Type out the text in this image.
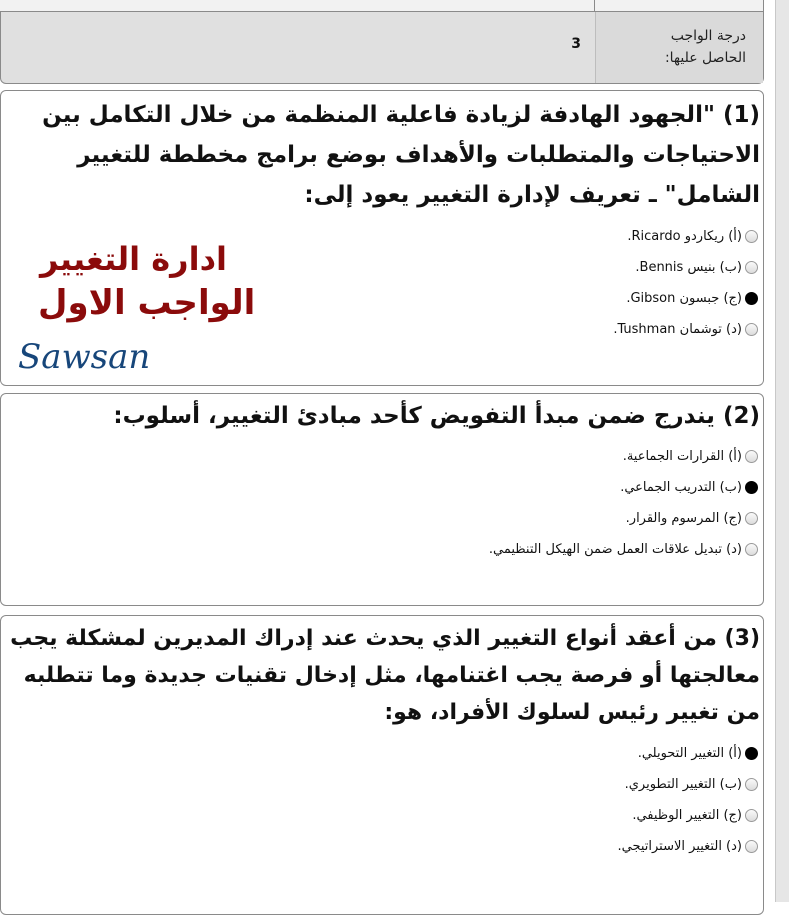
درجة الواجب
الحاصل عليها:
3
(1) "الجهود الهادفة لزيادة فاعلية المنظمة من خلال التكامل بين الاحتياجات والمتطلبات والأهداف بوضع برامج مخططة للتغيير الشامل" ـ تعريف لإدارة التغيير يعود إلى:
(أ) ريكاردو Ricardo.
(ب) بنيس Bennis.
(ج) جبسون Gibson.
(د) توشمان Tushman.
ادارة التغيير
الواجب الاول
Sawsan
(2) يندرج ضمن مبدأ التفويض كأحد مبادئ التغيير، أسلوب:
(أ) القرارات الجماعية.
(ب) التدريب الجماعي.
(ج) المرسوم والقرار.
(د) تبديل علاقات العمل ضمن الهيكل التنظيمي.
(3) من أعقد أنواع التغيير الذي يحدث عند إدراك المديرين لمشكلة يجب معالجتها أو فرصة يجب اغتنامها، مثل إدخال تقنيات جديدة وما تتطلبه من تغيير رئيس لسلوك الأفراد، هو:
(أ) التغيير التحويلي.
(ب) التغيير التطويري.
(ج) التغيير الوظيفي.
(د) التغيير الاستراتيجي.
